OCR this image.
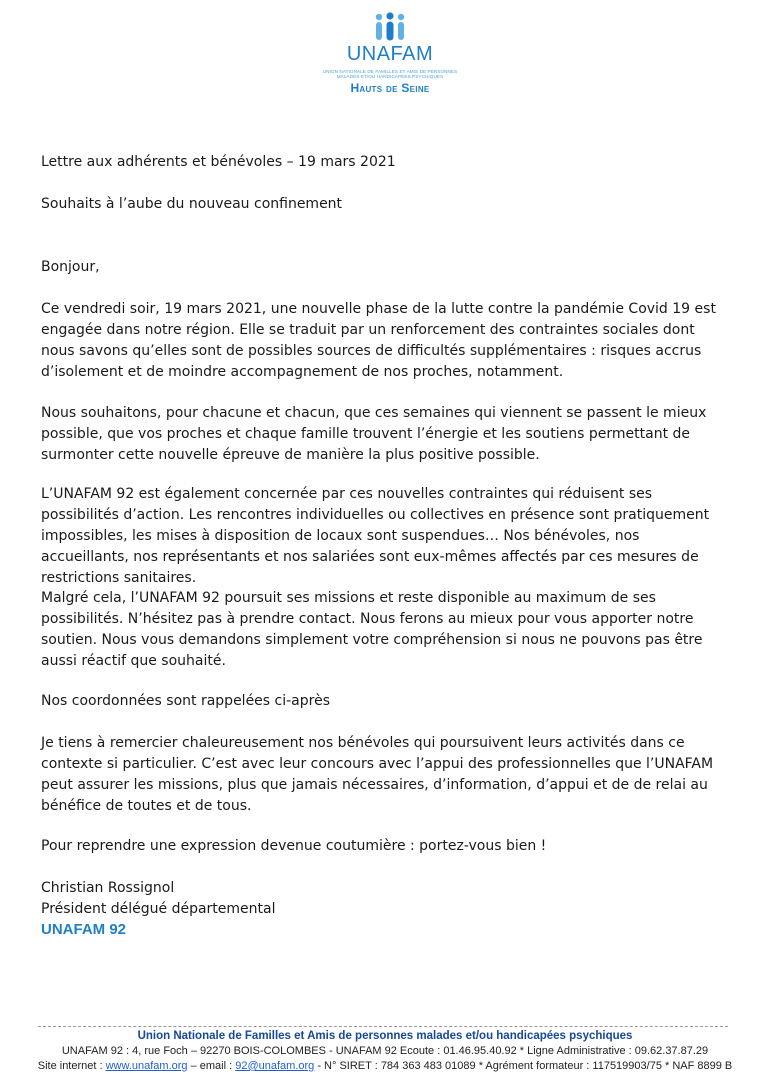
UNAFAM
UNION NATIONALE DE FAMILLES ET AMIS DE PERSONNES
MALADES ET/OU HANDICAPÉES PSYCHIQUES
Hauts de Seine
Lettre aux adhérents et bénévoles – 19 mars 2021
Souhaits à l’aube du nouveau confinement
Bonjour,
Ce vendredi soir, 19 mars 2021, une nouvelle phase de la lutte contre la pandémie Covid 19 est engagée dans notre région. Elle se traduit par un renforcement des contraintes sociales dont nous savons qu’elles sont de possibles sources de difficultés supplémentaires : risques accrus d’isolement et de moindre accompagnement de nos proches, notamment.
Nous souhaitons, pour chacune et chacun, que ces semaines qui viennent se passent le mieux possible, que vos proches et chaque famille trouvent l’énergie et les soutiens permettant de surmonter cette nouvelle épreuve de manière la plus positive possible.
L’UNAFAM 92 est également concernée par ces nouvelles contraintes qui réduisent ses possibilités d’action. Les rencontres individuelles ou collectives en présence sont pratiquement impossibles, les mises à disposition de locaux sont suspendues… Nos bénévoles, nos accueillants, nos représentants et nos salariées sont eux-mêmes affectés par ces mesures de restrictions sanitaires.
Malgré cela, l’UNAFAM 92 poursuit ses missions et reste disponible au maximum de ses possibilités. N’hésitez pas à prendre contact. Nous ferons au mieux pour vous apporter notre soutien. Nous vous demandons simplement votre compréhension si nous ne pouvons pas être aussi réactif que souhaité.
Nos coordonnées sont rappelées ci-après
Je tiens à remercier chaleureusement nos bénévoles qui poursuivent leurs activités dans ce contexte si particulier. C’est avec leur concours avec l’appui des professionnelles que l’UNAFAM peut assurer les missions, plus que jamais nécessaires, d’information, d’appui et de de relai au bénéfice de toutes et de tous.
Pour reprendre une expression devenue coutumière : portez-vous bien !
Christian Rossignol
Président délégué départemental
UNAFAM 92
Union Nationale de Familles et Amis de personnes malades et/ou handicapées psychiques
UNAFAM 92 : 4, rue Foch – 92270 BOIS-COLOMBES - UNAFAM 92 Ecoute : 01.46.95.40.92 * Ligne Administrative : 09.62.37.87.29
Site internet : www.unafam.org – email : 92@unafam.org - N° SIRET : 784 363 483 01089 * Agrément formateur : 117519903/75 * NAF 8899 B
